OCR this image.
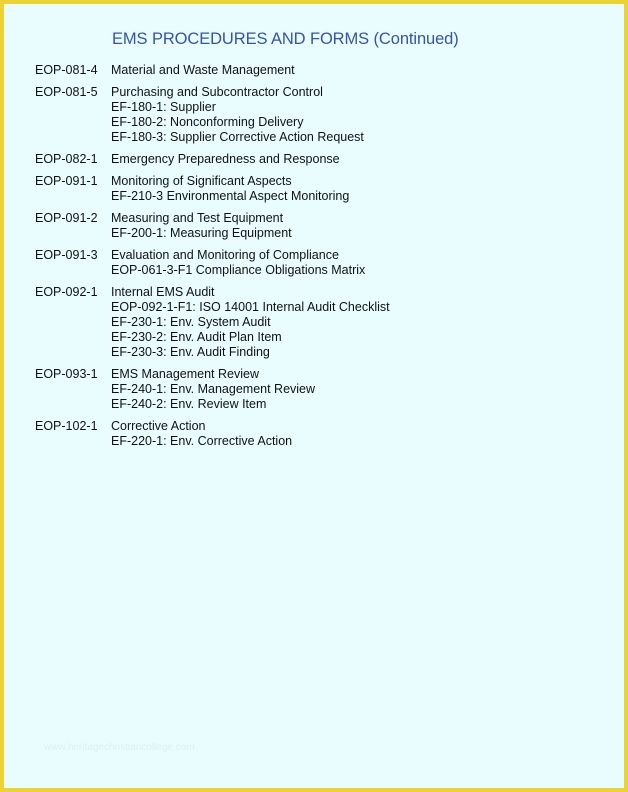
EMS PROCEDURES AND FORMS (Continued)
EOP-081-4	Material and Waste Management
EOP-081-5	Purchasing and Subcontractor Control
EF-180-1: Supplier
EF-180-2: Nonconforming Delivery
EF-180-3: Supplier Corrective Action Request
EOP-082-1	Emergency Preparedness and Response
EOP-091-1	Monitoring of Significant Aspects
EF-210-3 Environmental Aspect Monitoring
EOP-091-2	Measuring and Test Equipment
EF-200-1: Measuring Equipment
EOP-091-3	Evaluation and Monitoring of Compliance
EOP-061-3-F1 Compliance Obligations Matrix
EOP-092-1	Internal EMS Audit
EOP-092-1-F1: ISO 14001 Internal Audit Checklist
EF-230-1: Env. System Audit
EF-230-2: Env. Audit Plan Item
EF-230-3: Env. Audit Finding
EOP-093-1	EMS Management Review
EF-240-1: Env. Management Review
EF-240-2: Env. Review Item
EOP-102-1	Corrective Action
EF-220-1: Env. Corrective Action
www.heritagechristiancollege.com
